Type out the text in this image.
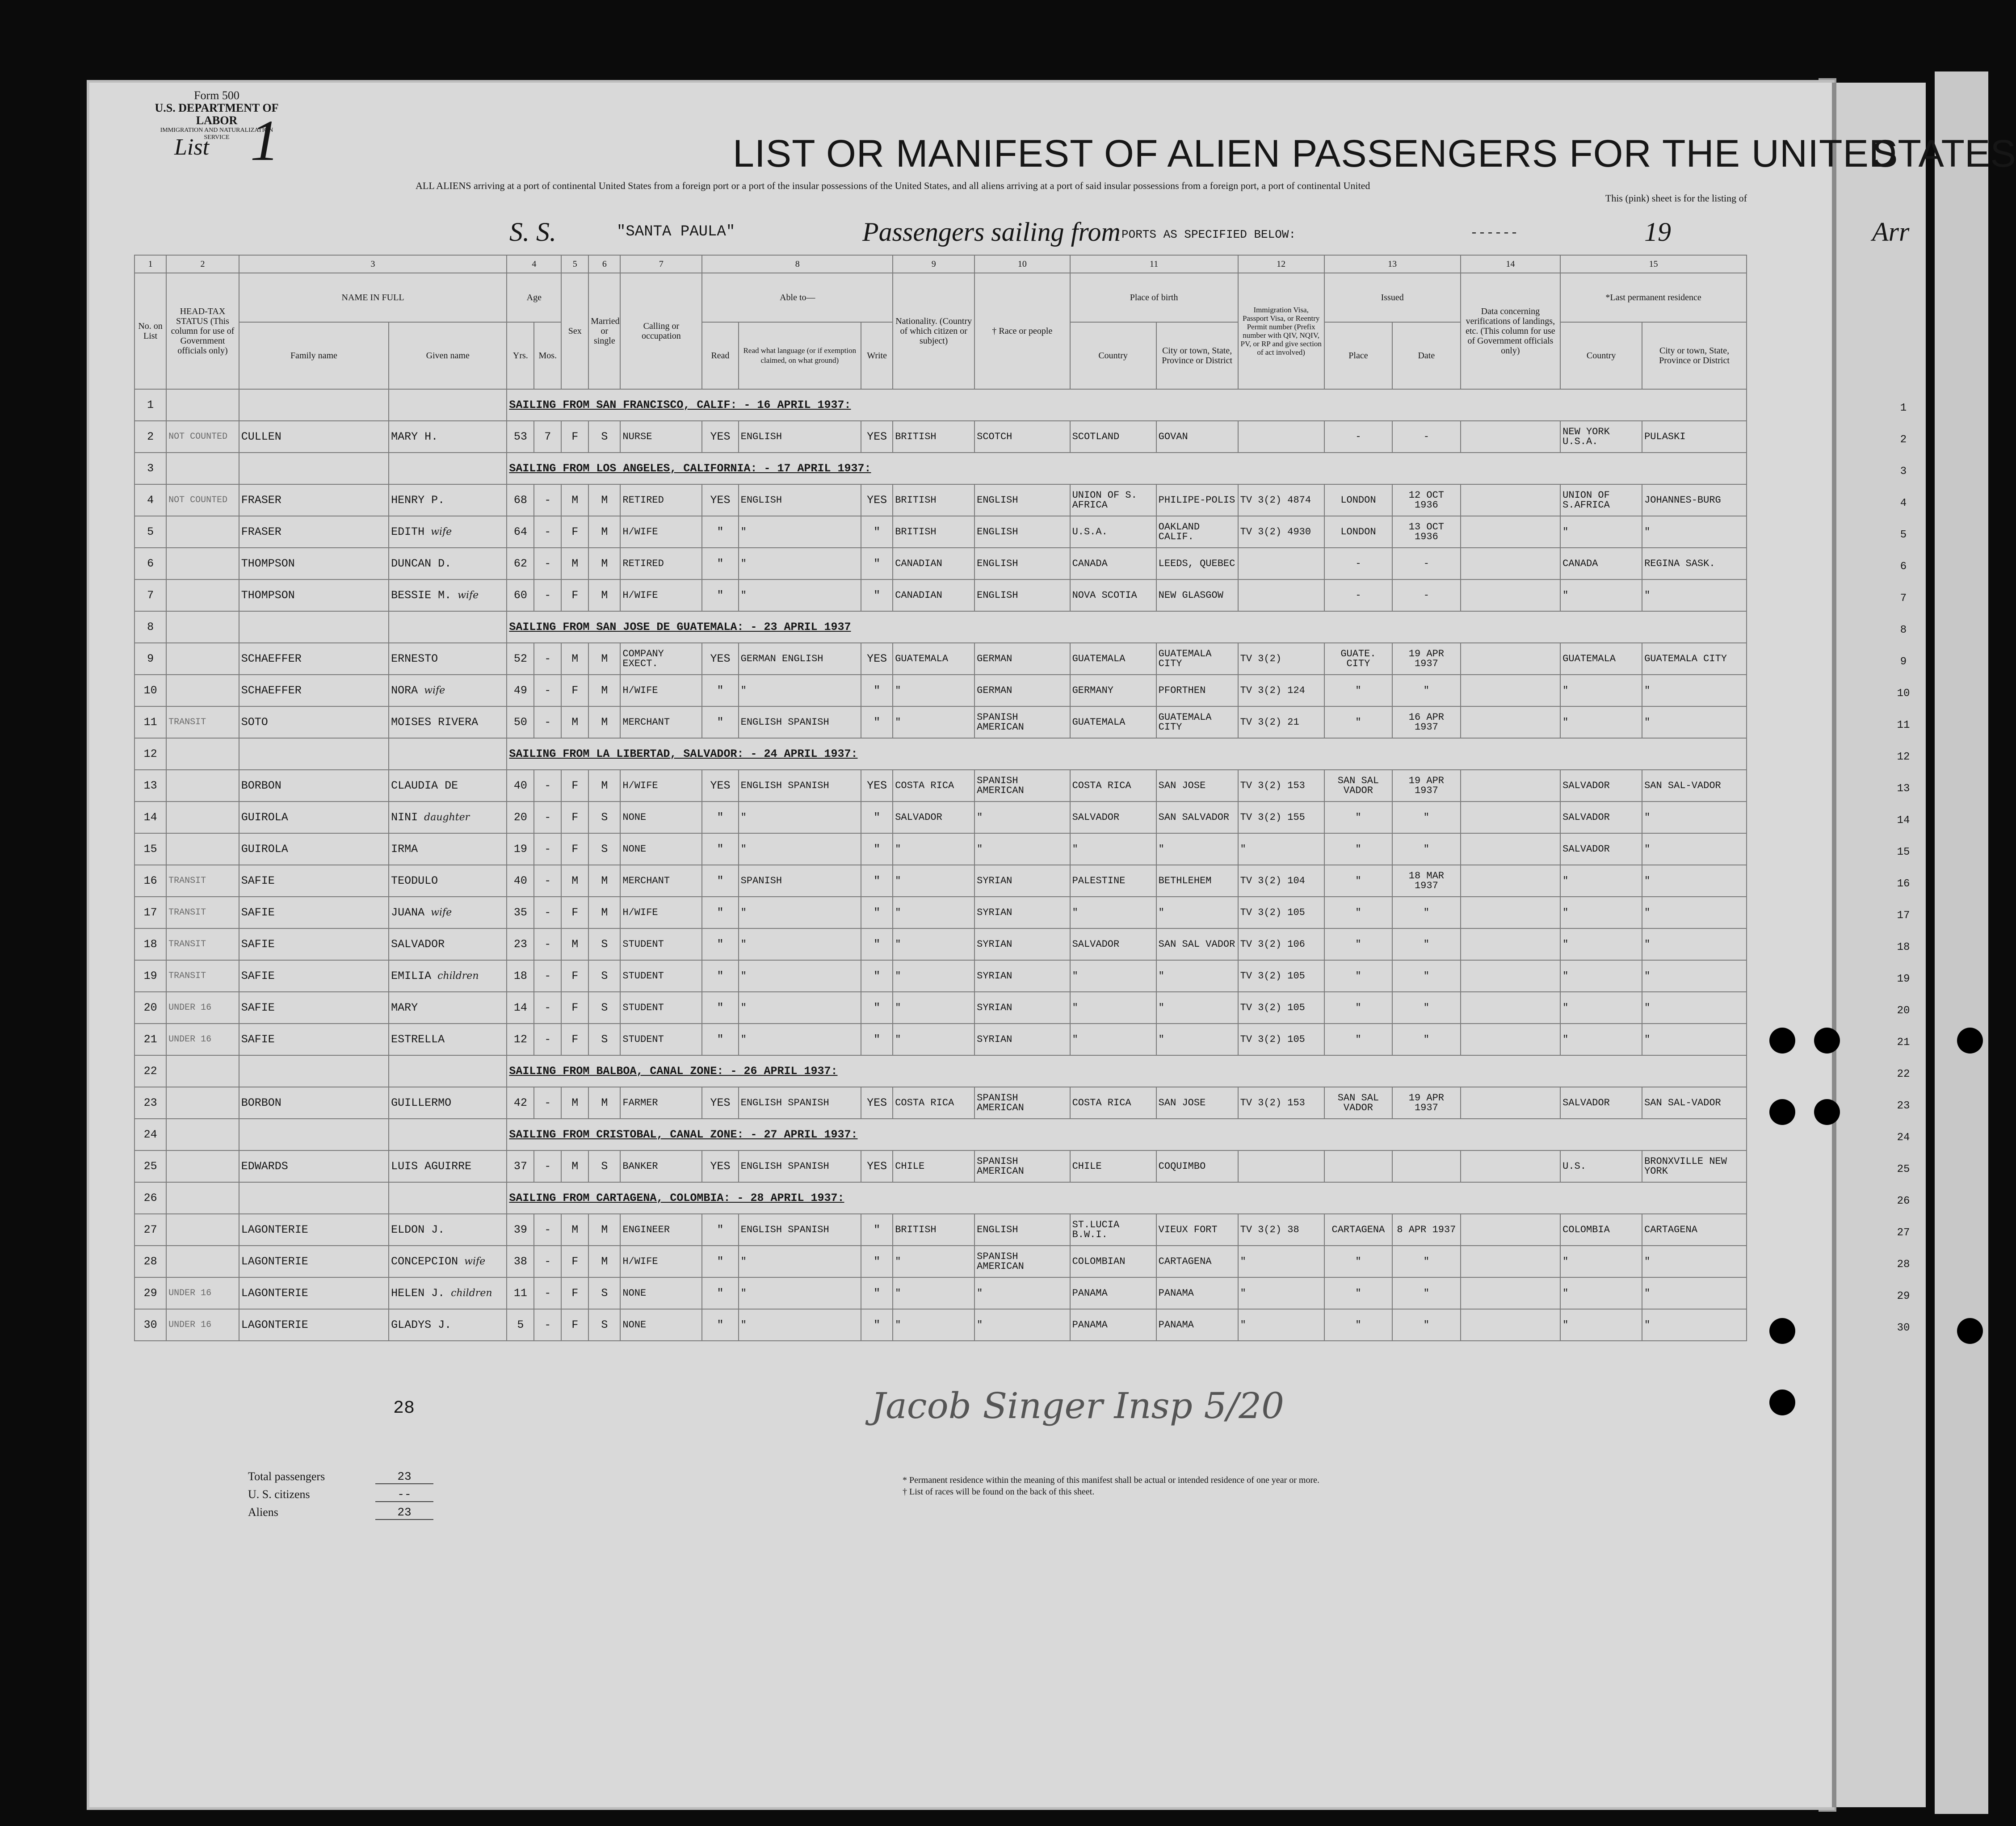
Form 500
U.S. DEPARTMENT OF LABOR
IMMIGRATION AND NATURALIZATION SERVICE
List 1	LIST OR MANIFEST OF ALIEN PASSENGERS FOR THE UNITED
STATES
ALL ALIENS arriving at a port of continental United States from a foreign port or a port of the insular possessions of the United States, and all aliens arriving at a port of said insular possessions from a foreign port, a port of continental United
This (pink) sheet is for the listing of
S. S.	"SANTA PAULA"	Passengers sailing from PORTS AS SPECIFIED BELOW:	------	19	Arr
1	2	3		4		5	6	7	8			9	10	11		12	13		14	15	
No. on List	HEAD-TAX STATUS (This column for use of Government officials only)	NAME IN FULL		Age		Sex	Married or single	Calling or occupation	Able to—			Nationality. (Country of which citizen or subject)	† Race or people	Place of birth		Immigration Visa, Passport Visa, or Reentry Permit number (Prefix number with QIV, NQIV, PV, or RP and give section of act involved)	Issued		Data concerning verifications of landings, etc. (This column for use of Government officials only)	*Last permanent residence	
		Family name	Given name	Yrs.	Mos.				Read	Read what language (or if exemption claimed, on what ground)	Write			Country	City or town, State, Province or District		Place	Date		Country	City or town, State, Province or District
1				SAILING FROM SAN FRANCISCO, CALIF: - 16 APRIL 1937:																	
2	NOT COUNTED	CULLEN	MARY H.	53	7	F	S	NURSE	YES	ENGLISH	YES	BRITISH	SCOTCH	SCOTLAND	GOVAN		-	-		NEW YORK U.S.A.	PULASKI
3				SAILING FROM LOS ANGELES, CALIFORNIA: - 17 APRIL 1937:																	
4	NOT COUNTED	FRASER	HENRY P.	68	-	M	M	RETIRED	YES	ENGLISH	YES	BRITISH	ENGLISH	UNION OF S. AFRICA	PHILIPE-POLIS	TV 3(2) 4874	LONDON	12 OCT 1936		UNION OF S.AFRICA	JOHANNES-BURG
5		FRASER	EDITH wife	64	-	F	M	H/WIFE	"	"	"	BRITISH	ENGLISH	U.S.A.	OAKLAND CALIF.	TV 3(2) 4930	LONDON	13 OCT 1936		"	"
6		THOMPSON	DUNCAN D.	62	-	M	M	RETIRED	"	"	"	CANADIAN	ENGLISH	CANADA	LEEDS, QUEBEC		-	-		CANADA	REGINA SASK.
7		THOMPSON	BESSIE M. wife	60	-	F	M	H/WIFE	"	"	"	CANADIAN	ENGLISH	NOVA SCOTIA	NEW GLASGOW		-	-		"	"
8				SAILING FROM SAN JOSE DE GUATEMALA: - 23 APRIL 1937																	
9		SCHAEFFER	ERNESTO	52	-	M	M	COMPANY EXECT.	YES	GERMAN ENGLISH	YES	GUATEMALA	GERMAN	GUATEMALA	GUATEMALA CITY	TV 3(2)	GUATE. CITY	19 APR 1937		GUATEMALA	GUATEMALA CITY
10		SCHAEFFER	NORA wife	49	-	F	M	H/WIFE	"	"	"	"	GERMAN	GERMANY	PFORTHEN	TV 3(2) 124	"	"		"	"
11	TRANSIT	SOTO	MOISES RIVERA	50	-	M	M	MERCHANT	"	ENGLISH SPANISH	"	"	SPANISH AMERICAN	GUATEMALA	GUATEMALA CITY	TV 3(2) 21	"	16 APR 1937		"	"
12				SAILING FROM LA LIBERTAD, SALVADOR: - 24 APRIL 1937:																	
13		BORBON	CLAUDIA DE	40	-	F	M	H/WIFE	YES	ENGLISH SPANISH	YES	COSTA RICA	SPANISH AMERICAN	COSTA RICA	SAN JOSE	TV 3(2) 153	SAN SAL VADOR	19 APR 1937		SALVADOR	SAN SAL-VADOR
14		GUIROLA	NINI daughter	20	-	F	S	NONE	"	"	"	SALVADOR	"	SALVADOR	SAN SALVADOR	TV 3(2) 155	"	"		SALVADOR	"
15		GUIROLA	IRMA	19	-	F	S	NONE	"	"	"	"	"	"	"	"	"	"		SALVADOR	"
16	TRANSIT	SAFIE	TEODULO	40	-	M	M	MERCHANT	"	SPANISH	"	"	SYRIAN	PALESTINE	BETHLEHEM	TV 3(2) 104	"	18 MAR 1937		"	"
17	TRANSIT	SAFIE	JUANA wife	35	-	F	M	H/WIFE	"	"	"	"	SYRIAN	"	"	TV 3(2) 105	"	"		"	"
18	TRANSIT	SAFIE	SALVADOR	23	-	M	S	STUDENT	"	"	"	"	SYRIAN	SALVADOR	SAN SAL VADOR	TV 3(2) 106	"	"		"	"
19	TRANSIT	SAFIE	EMILIA children	18	-	F	S	STUDENT	"	"	"	"	SYRIAN	"	"	TV 3(2) 105	"	"		"	"
20	UNDER 16	SAFIE	MARY	14	-	F	S	STUDENT	"	"	"	"	SYRIAN	"	"	TV 3(2) 105	"	"		"	"
21	UNDER 16	SAFIE	ESTRELLA	12	-	F	S	STUDENT	"	"	"	"	SYRIAN	"	"	TV 3(2) 105	"	"		"	"
22				SAILING FROM BALBOA, CANAL ZONE: - 26 APRIL 1937:																	
23		BORBON	GUILLERMO	42	-	M	M	FARMER	YES	ENGLISH SPANISH	YES	COSTA RICA	SPANISH AMERICAN	COSTA RICA	SAN JOSE	TV 3(2) 153	SAN SAL VADOR	19 APR 1937		SALVADOR	SAN SAL-VADOR
24				SAILING FROM CRISTOBAL, CANAL ZONE: - 27 APRIL 1937:																	
25		EDWARDS	LUIS AGUIRRE	37	-	M	S	BANKER	YES	ENGLISH SPANISH	YES	CHILE	SPANISH AMERICAN	CHILE	COQUIMBO					U.S.	BRONXVILLE NEW YORK
26				SAILING FROM CARTAGENA, COLOMBIA: - 28 APRIL 1937:																	
27		LAGONTERIE	ELDON J.	39	-	M	M	ENGINEER	"	ENGLISH SPANISH	"	BRITISH	ENGLISH	ST.LUCIA B.W.I.	VIEUX FORT	TV 3(2) 38	CARTAGENA	8 APR 1937		COLOMBIA	CARTAGENA
28		LAGONTERIE	CONCEPCION wife	38	-	F	M	H/WIFE	"	"	"	"	SPANISH AMERICAN	COLOMBIAN	CARTAGENA	"	"	"		"	"
29	UNDER 16	LAGONTERIE	HELEN J. children	11	-	F	S	NONE	"	"	"	"	"	PANAMA	PANAMA	"	"	"		"	"
30	UNDER 16	LAGONTERIE	GLADYS J.	5	-	F	S	NONE	"	"	"	"	"	PANAMA	PANAMA	"	"	"		"	"
28	Jacob Singer Insp 5/20
Total passengers	23
U. S. citizens	--
Aliens	23
* Permanent residence within the meaning of this manifest shall be actual or intended residence of one year or more.
† List of races will be found on the back of this sheet.
1
2
3
4
5
6
7
8
9
10
11
12
13
14
15
16
17
18
19
20
21
22
23
24
25
26
27
28
29
30
